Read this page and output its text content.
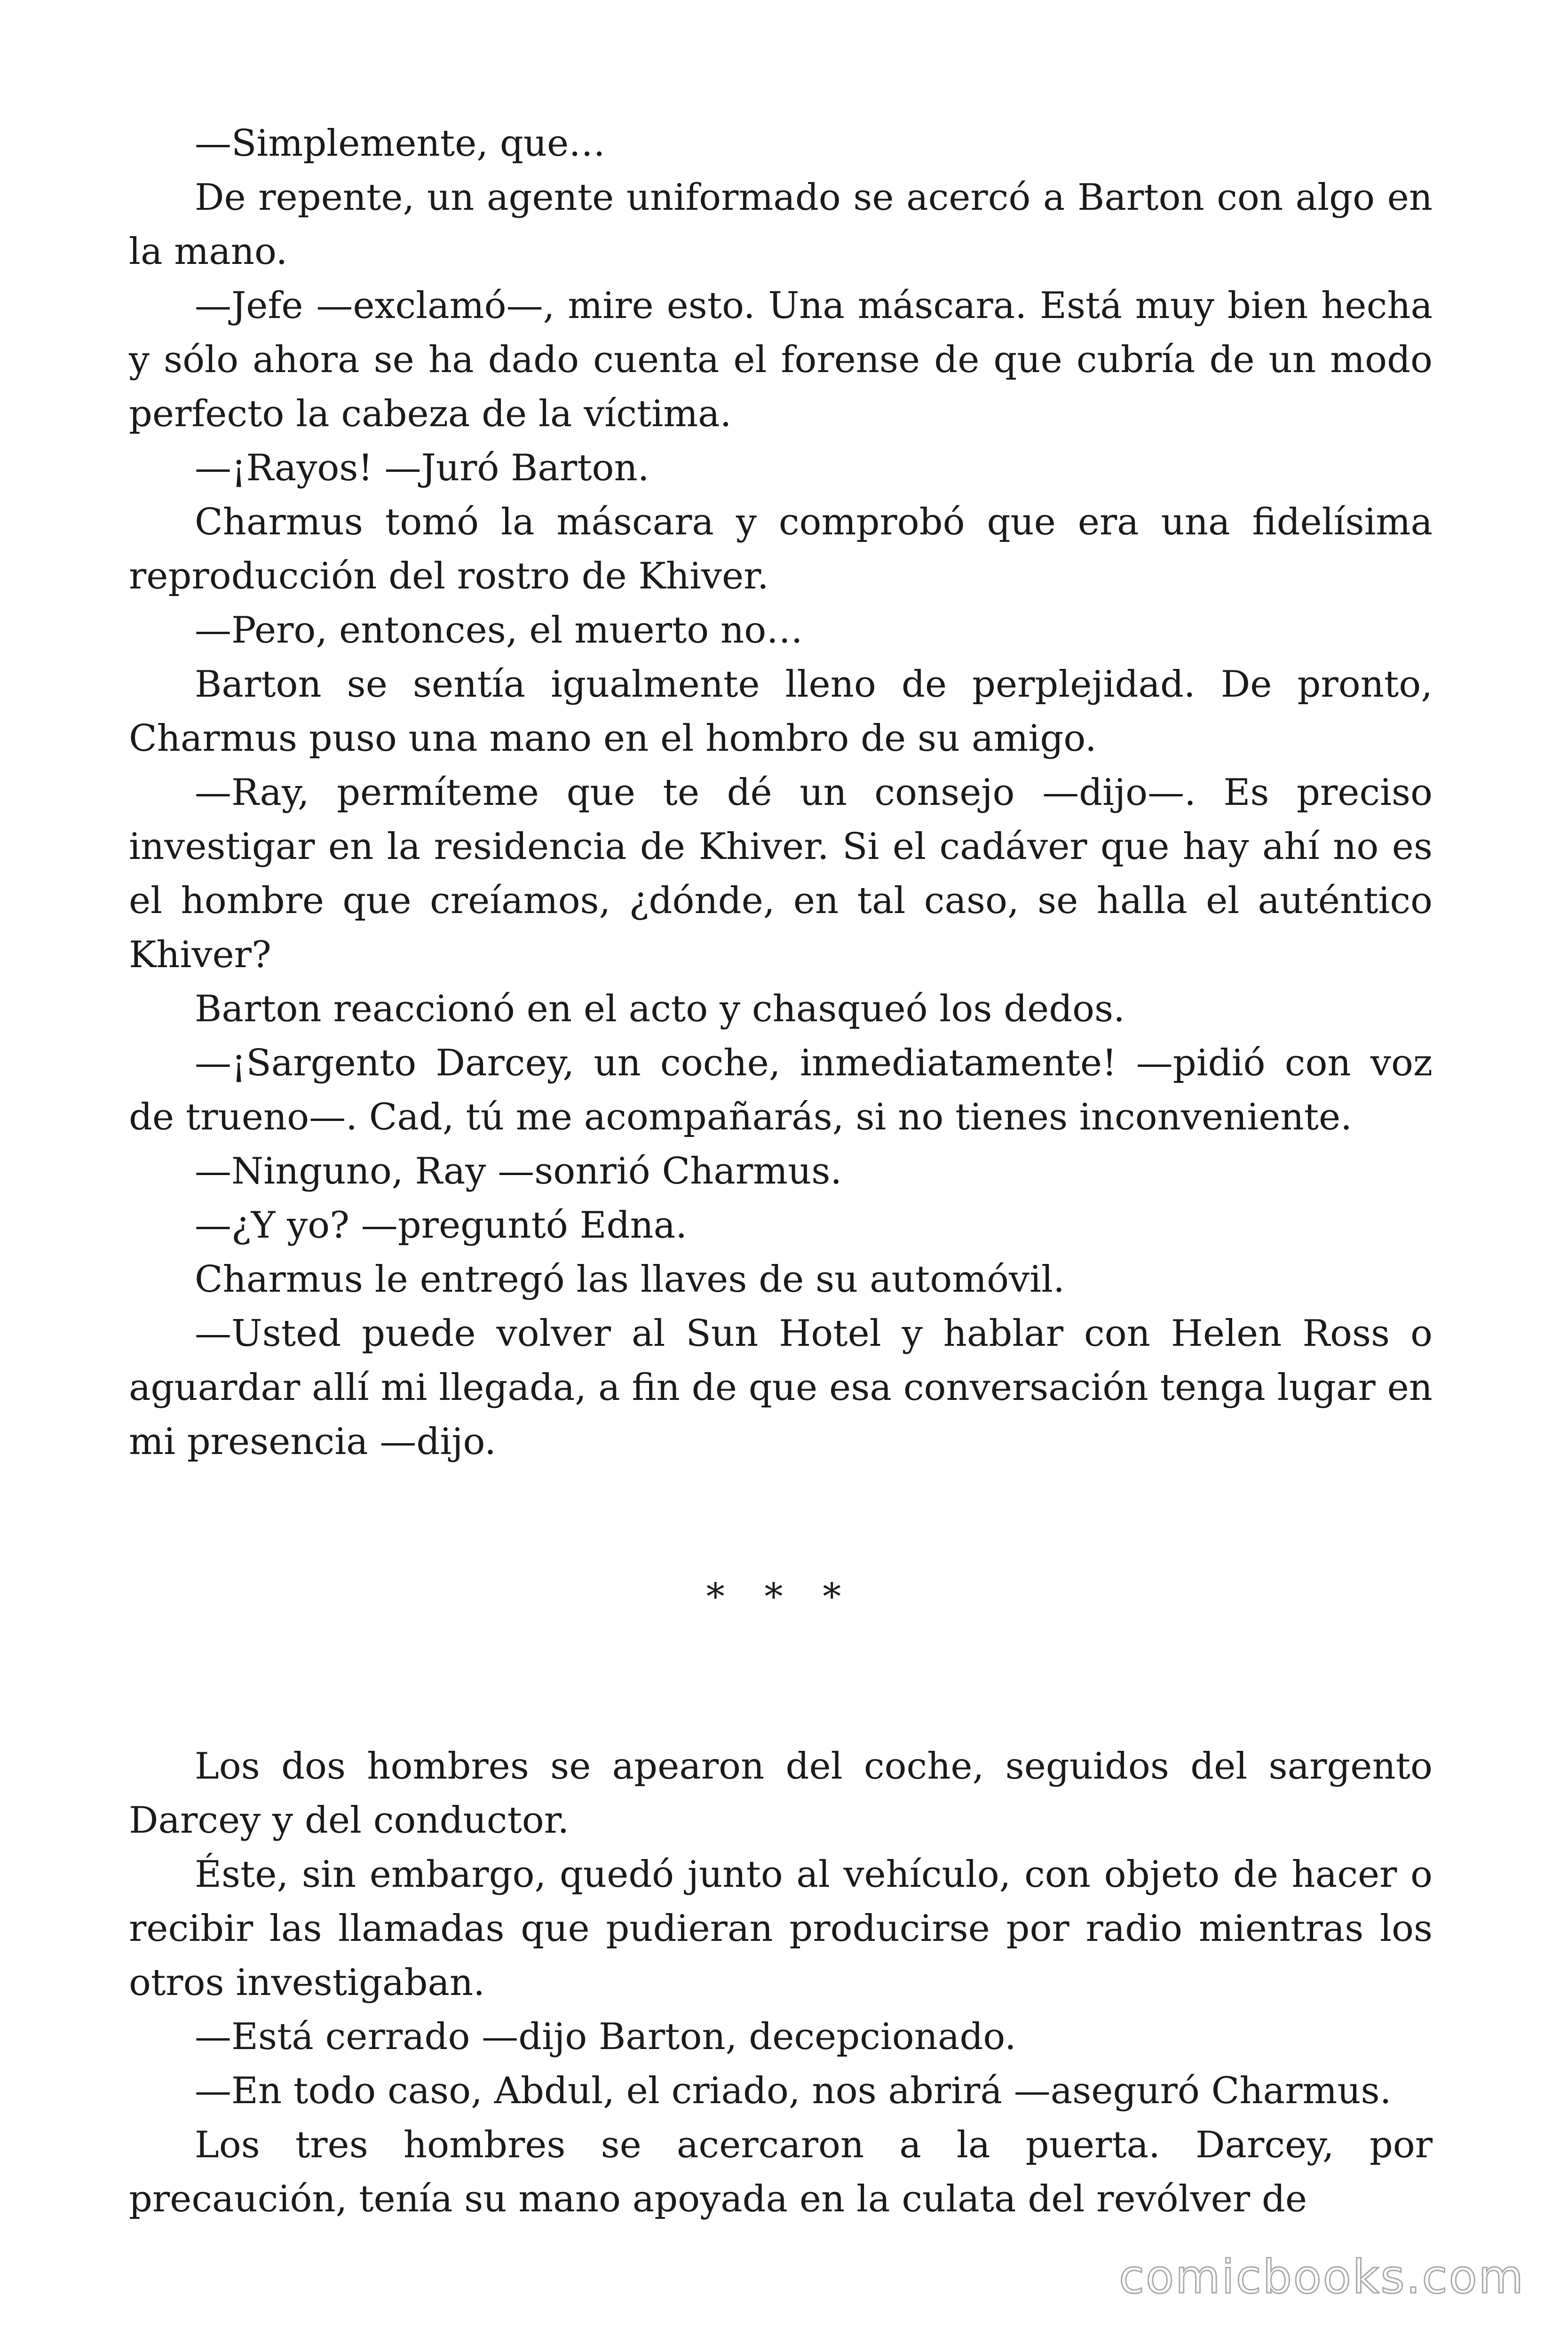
—Simplemente, que…

De repente, un agente uniformado se acercó a Barton con algo en la mano.

—Jefe —exclamó—, mire esto. Una máscara. Está muy bien hecha y sólo ahora se ha dado cuenta el forense de que cubría de un modo perfecto la cabeza de la víctima.

—¡Rayos! —Juró Barton.

Charmus tomó la máscara y comprobó que era una fidelísima reproducción del rostro de Khiver.

—Pero, entonces, el muerto no…

Barton se sentía igualmente lleno de perplejidad. De pronto, Charmus puso una mano en el hombro de su amigo.

—Ray, permíteme que te dé un consejo —dijo—. Es preciso investigar en la residencia de Khiver. Si el cadáver que hay ahí no es el hombre que creíamos, ¿dónde, en tal caso, se halla el auténtico Khiver?

Barton reaccionó en el acto y chasqueó los dedos.

—¡Sargento Darcey, un coche, inmediatamente! —pidió con voz de trueno—. Cad, tú me acompañarás, si no tienes inconveniente.

—Ninguno, Ray —sonrió Charmus.

—¿Y yo? —preguntó Edna.

Charmus le entregó las llaves de su automóvil.

—Usted puede volver al Sun Hotel y hablar con Helen Ross o aguardar allí mi llegada, a fin de que esa conversación tenga lugar en mi presencia —dijo.

* * *

Los dos hombres se apearon del coche, seguidos del sargento Darcey y del conductor.

Éste, sin embargo, quedó junto al vehículo, con objeto de hacer o recibir las llamadas que pudieran producirse por radio mientras los otros investigaban.

—Está cerrado —dijo Barton, decepcionado.

—En todo caso, Abdul, el criado, nos abrirá —aseguró Charmus.

Los tres hombres se acercaron a la puerta. Darcey, por precaución, tenía su mano apoyada en la culata del revólver de

comicbooks.com
